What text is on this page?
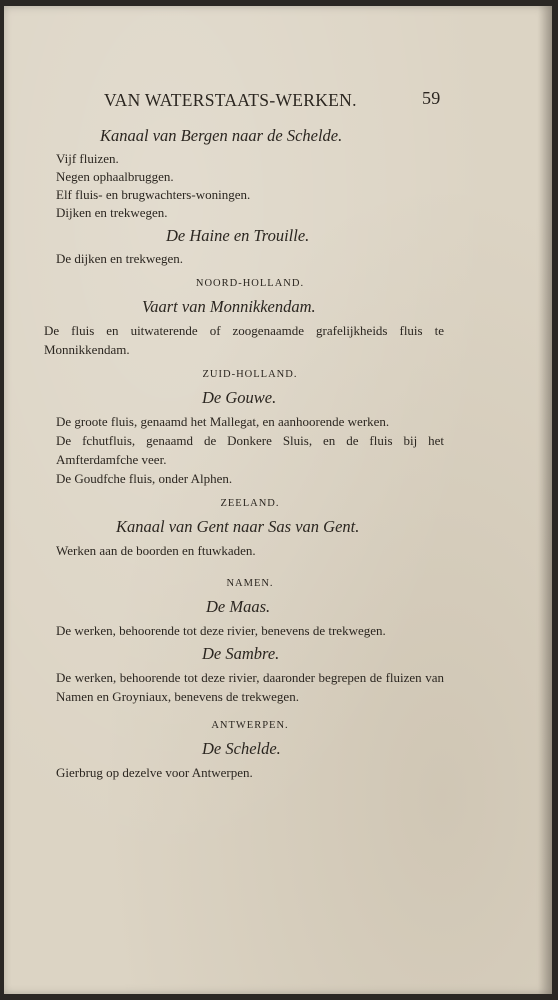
VAN WATERSTAATS-WERKEN.	59
Kanaal van Bergen naar de Schelde.
Vijf fluizen.
Negen ophaalbruggen.
Elf fluis- en brugwachters-woningen.
Dijken en trekwegen.
De Haine en Trouille.
De dijken en trekwegen.
NOORD-HOLLAND.
Vaart van Monnikkendam.
De fluis en uitwaterende of zoogenaamde grafelijkheids fluis te Monnikkendam.
ZUID-HOLLAND.
De Gouwe.
De groote fluis, genaamd het Mallegat, en aanhoorende werken.
De fchutfluis, genaamd de Donkere Sluis, en de fluis bij het Amfterdamfche veer.
De Goudfche fluis, onder Alphen.
ZEELAND.
Kanaal van Gent naar Sas van Gent.
Werken aan de boorden en ftuwkaden.
NAMEN.
De Maas.
De werken, behoorende tot deze rivier, benevens de trekwegen.
De Sambre.
De werken, behoorende tot deze rivier, daaronder begrepen de fluizen van Namen en Groyniaux, benevens de trekwegen.
ANTWERPEN.
De Schelde.
Gierbrug op dezelve voor Antwerpen.
